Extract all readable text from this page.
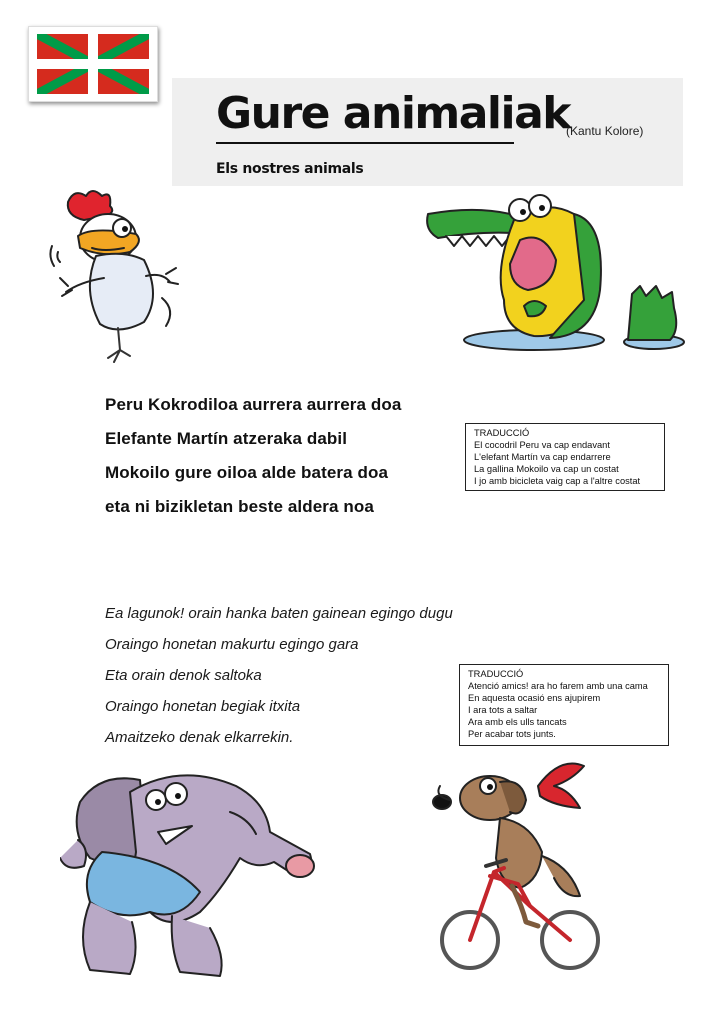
Gure animaliak
Els nostres animals
(Kantu Kolore)
Peru Kokrodiloa aurrera aurrera doa
Elefante Martín atzeraka dabil
Mokoilo gure oiloa alde batera doa
eta ni bizikletan beste aldera noa
TRADUCCIÓ
El cocodril Peru va cap endavant
L'elefant Martín va cap endarrere
La gallina Mokoilo va cap un costat
I jo amb bicicleta vaig cap a l'altre costat
Ea lagunok! orain hanka baten gainean egingo dugu
Oraingo honetan makurtu egingo gara
Eta orain denok saltoka
Oraingo honetan begiak itxita
Amaitzeko denak elkarrekin.
TRADUCCIÓ
Atenció amics! ara ho farem amb una cama
En aquesta ocasió ens ajupirem
I ara tots a saltar
Ara amb els ulls tancats
Per acabar tots junts.
